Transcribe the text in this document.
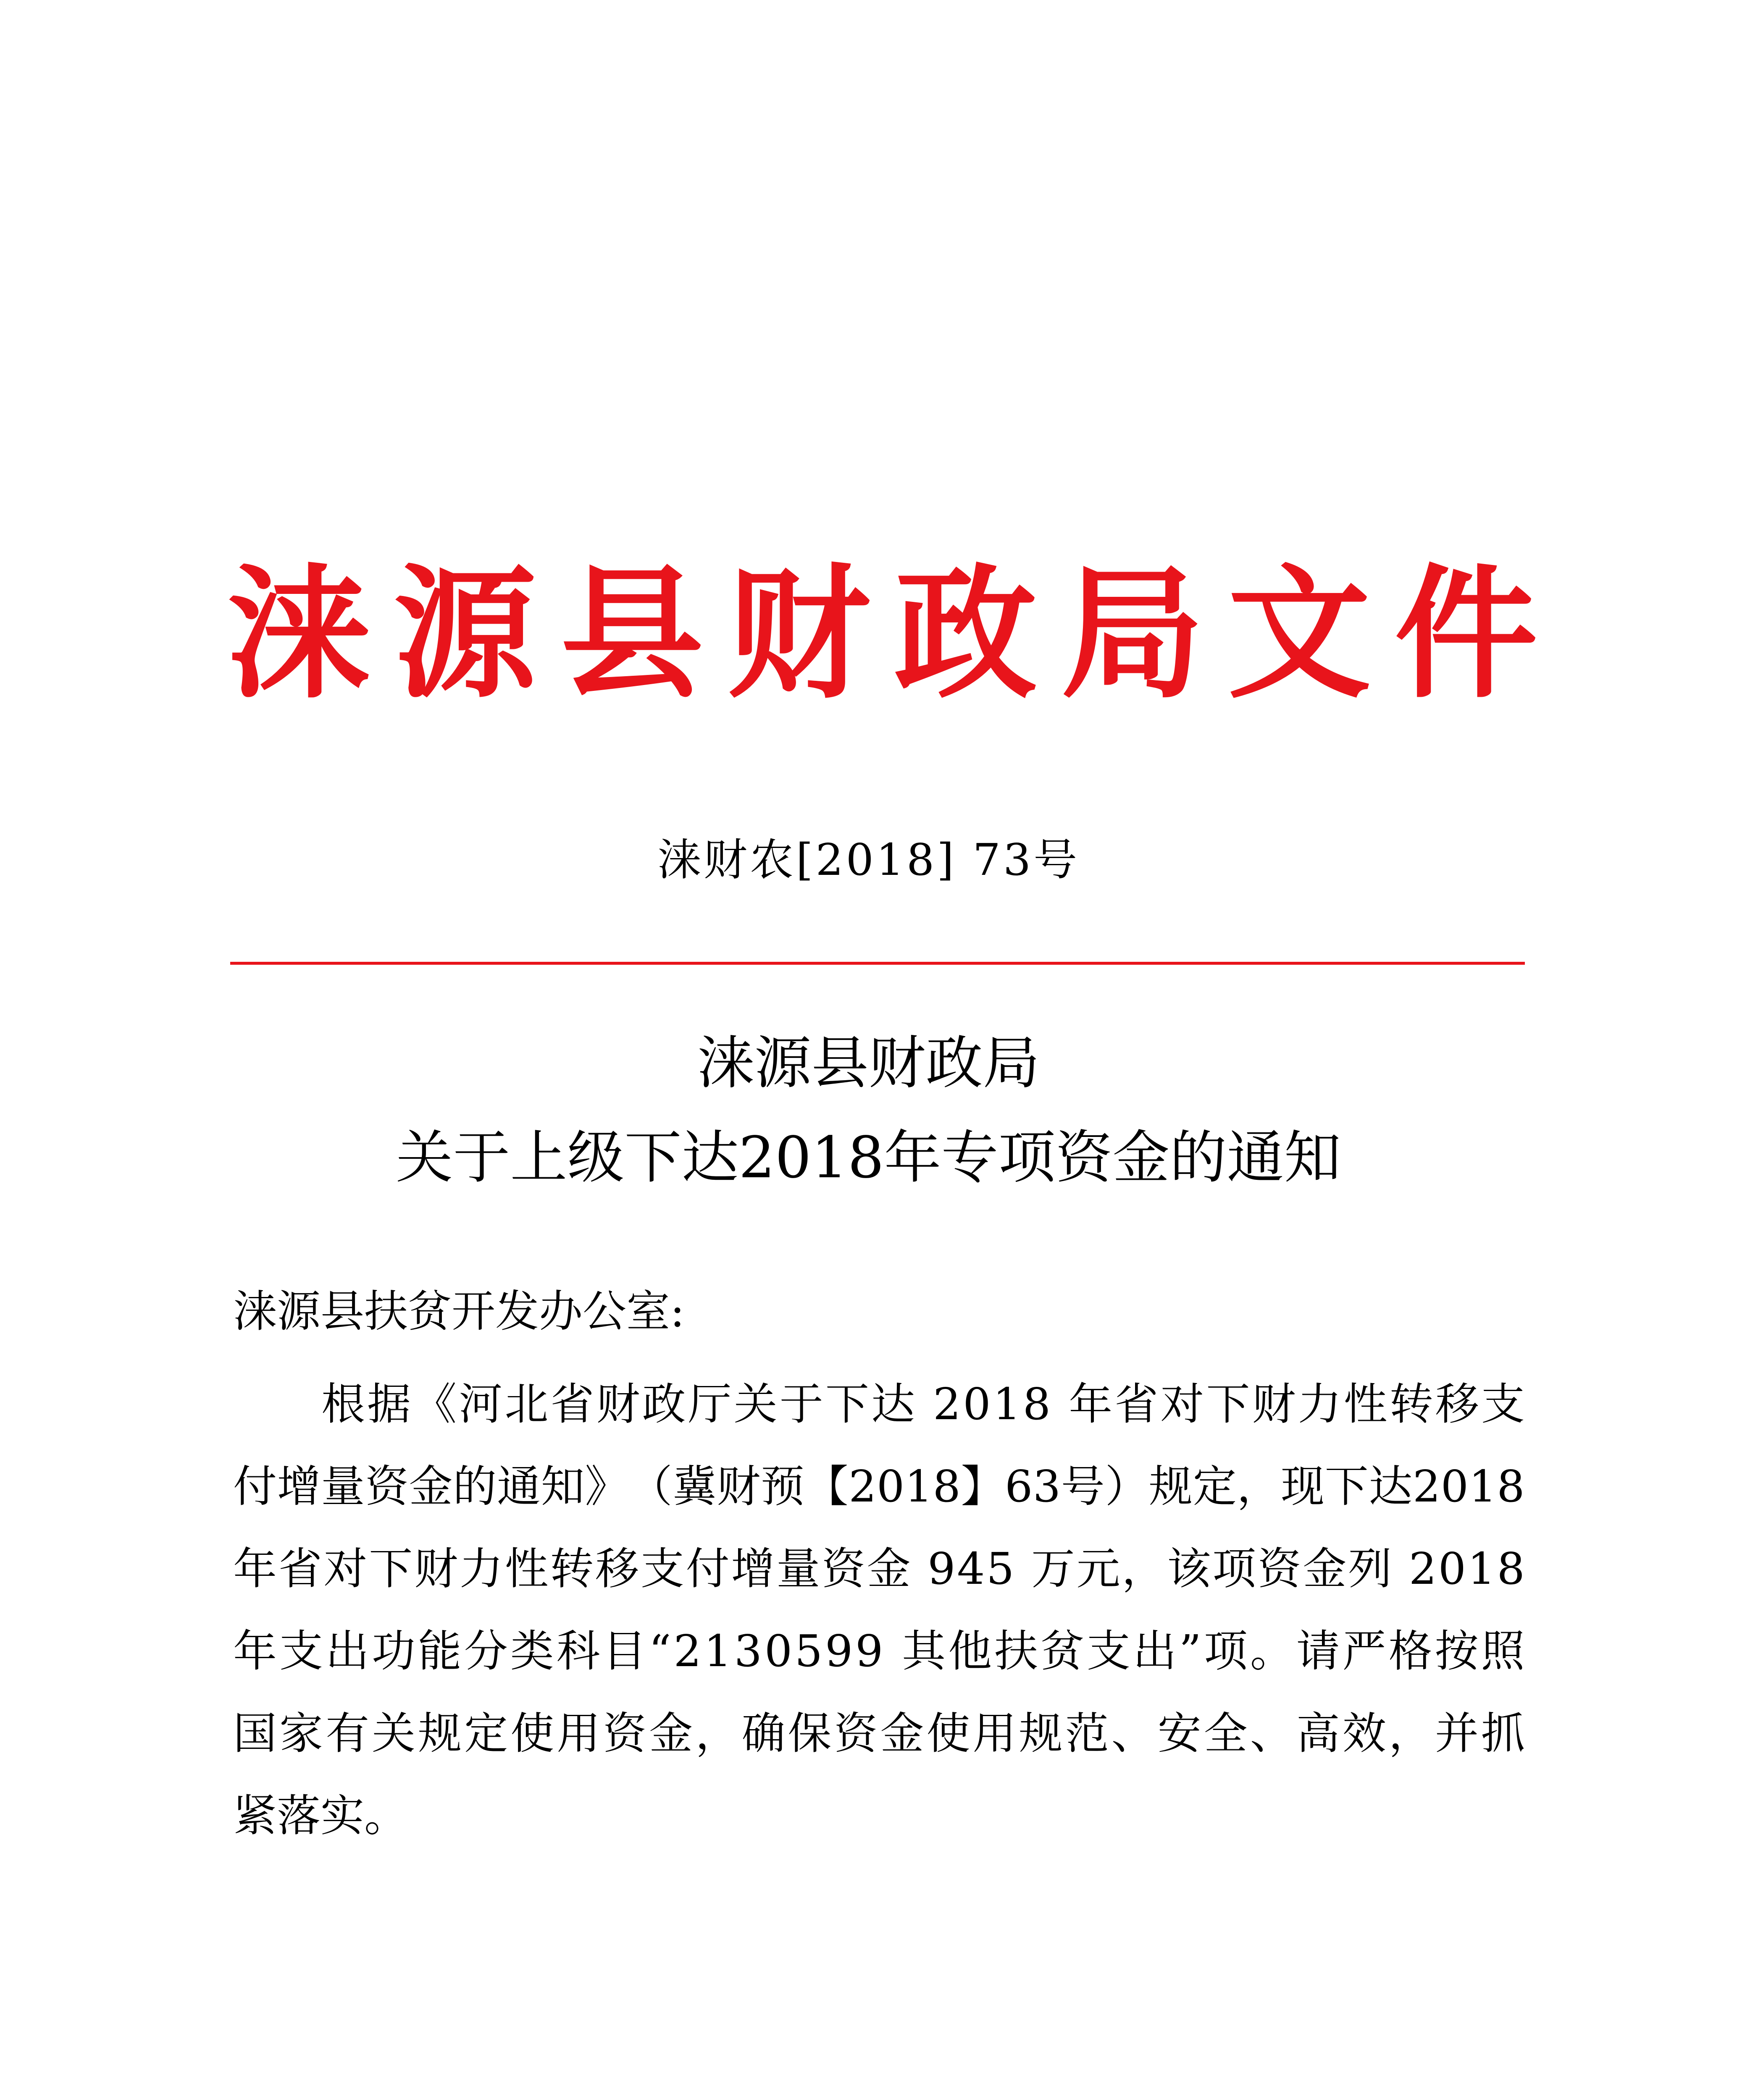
涞 源 县 财 政 局 文 件
涞财农[2018] 73号
涞源县财政局
关于上级下达2018年专项资金的通知
涞源县扶贫开发办公室:
根 据 《 河 北 省 财 政 厅 关 于 下 达
2 0 1 8
年 省 对 下 财 力 性 转 移 支
付 增 量 资 金 的 通 知 》 （ 冀 财 预 【 2 0 1 8 】 6 3 号 ） 规 定 ， 现 下 达 2 0 1 8
年 省 对 下 财 力 性 转 移 支 付 增 量 资 金
9 4 5
万 元 ， 该 项 资 金 列
2 0 1 8
年 支 出 功 能 分 类 科 目 “ 2 1 3 0 5 9 9
其 他 扶 贫 支 出 ” 项 。 请 严 格 按 照
国 家 有 关 规 定 使 用 资 金 ， 确 保 资 金 使 用 规 范 、 安 全 、 高 效 ， 并 抓
紧落实。
